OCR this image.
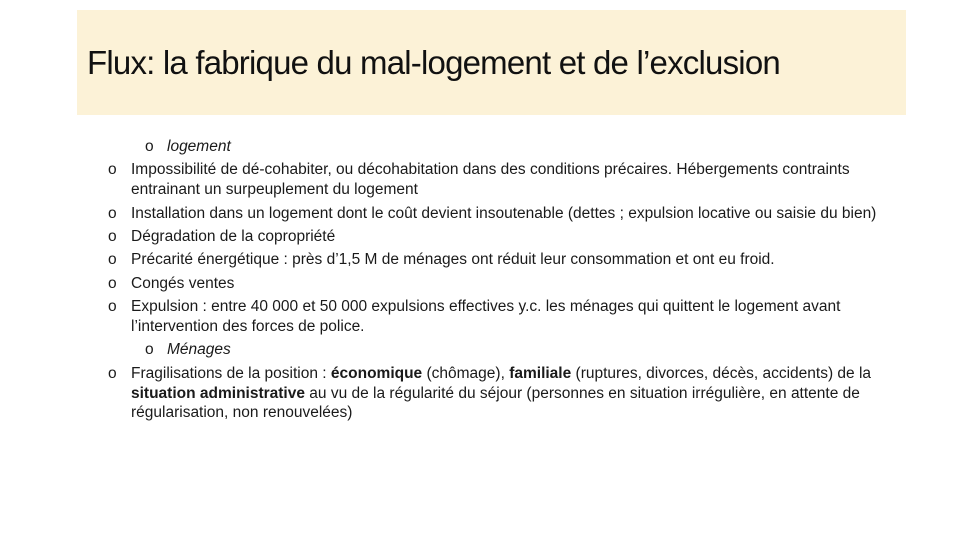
Flux: la fabrique du mal-logement et de l’exclusion
o logement
o Impossibilité de dé-cohabiter, ou décohabitation dans des conditions précaires. Hébergements contraints entrainant un surpeuplement du logement
o Installation dans un logement dont le coût devient insoutenable (dettes ; expulsion locative ou saisie du bien)
o Dégradation de la copropriété
o Précarité énergétique : près d’1,5 M de ménages ont réduit leur consommation et ont eu froid.
o Congés ventes
o Expulsion : entre 40 000 et 50 000 expulsions effectives y.c. les ménages qui quittent le logement avant l’intervention des forces de police.
o Ménages
o Fragilisations de la position : économique (chômage), familiale (ruptures, divorces, décès, accidents) de la situation administrative au vu de la régularité du séjour (personnes en situation irrégulière, en attente de régularisation, non renouvelées)
